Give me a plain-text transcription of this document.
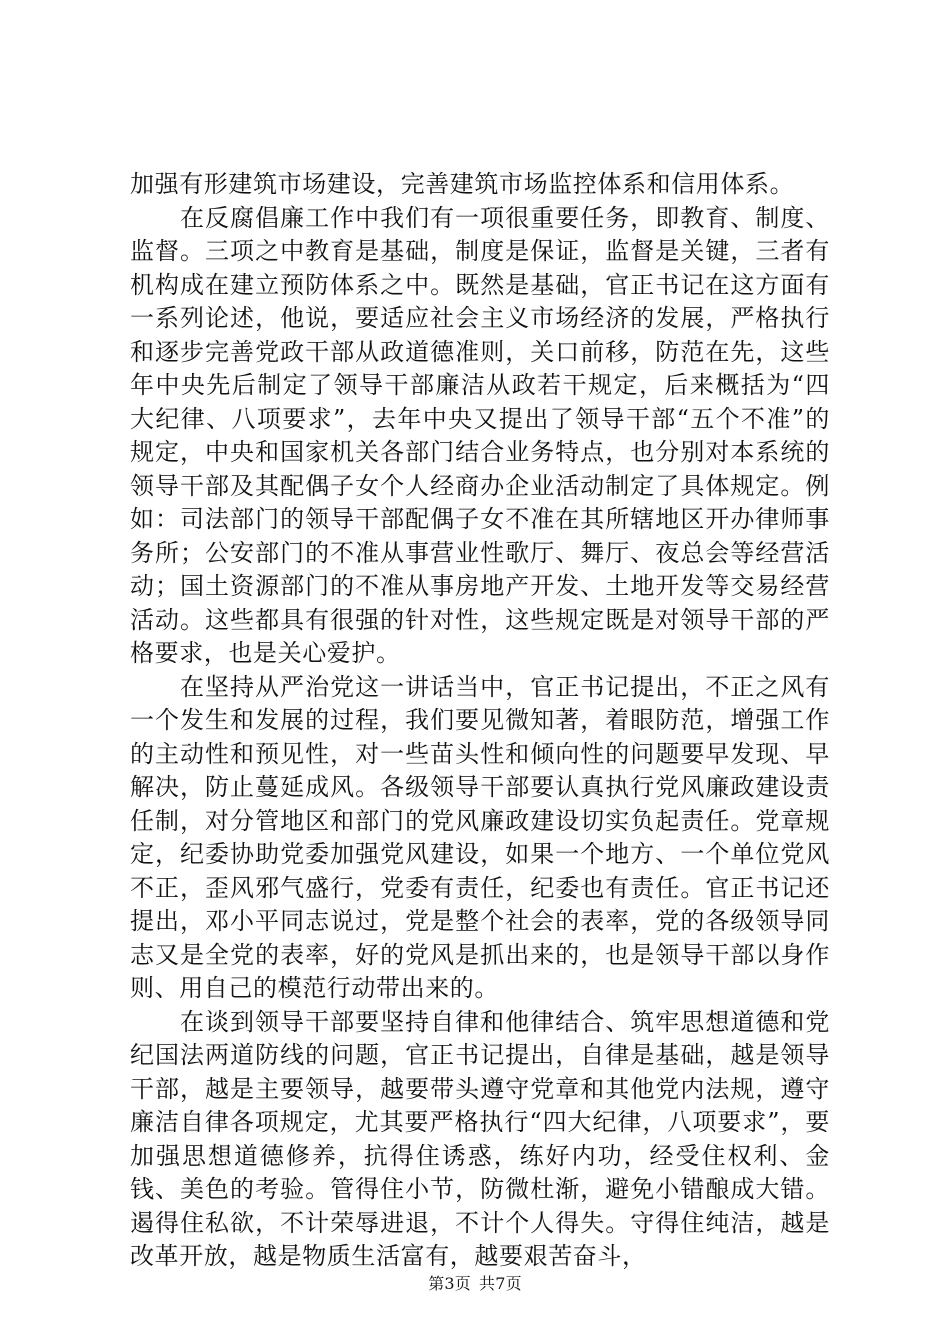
加强有形建筑市场建设，完善建筑市场监控体系和信用体系。

在反腐倡廉工作中我们有一项很重要任务，即教育、制度、监督。三项之中教育是基础，制度是保证，监督是关键，三者有机构成在建立预防体系之中。既然是基础，官正书记在这方面有一系列论述，他说，要适应社会主义市场经济的发展，严格执行和逐步完善党政干部从政道德准则，关口前移，防范在先，这些年中央先后制定了领导干部廉洁从政若干规定，后来概括为“四大纪律、八项要求”，去年中央又提出了领导干部“五个不准”的规定，中央和国家机关各部门结合业务特点，也分别对本系统的领导干部及其配偶子女个人经商办企业活动制定了具体规定。例如：司法部门的领导干部配偶子女不准在其所辖地区开办律师事务所；公安部门的不准从事营业性歌厅、舞厅、夜总会等经营活动；国土资源部门的不准从事房地产开发、土地开发等交易经营活动。这些都具有很强的针对性，这些规定既是对领导干部的严格要求，也是关心爱护。

在坚持从严治党这一讲话当中，官正书记提出，不正之风有一个发生和发展的过程，我们要见微知著，着眼防范，增强工作的主动性和预见性，对一些苗头性和倾向性的问题要早发现、早解决，防止蔓延成风。各级领导干部要认真执行党风廉政建设责任制，对分管地区和部门的党风廉政建设切实负起责任。党章规定，纪委协助党委加强党风建设，如果一个地方、一个单位党风不正，歪风邪气盛行，党委有责任，纪委也有责任。官正书记还提出，邓小平同志说过，党是整个社会的表率，党的各级领导同志又是全党的表率，好的党风是抓出来的，也是领导干部以身作则、用自己的模范行动带出来的。

在谈到领导干部要坚持自律和他律结合、筑牢思想道德和党纪国法两道防线的问题，官正书记提出，自律是基础，越是领导干部，越是主要领导，越要带头遵守党章和其他党内法规，遵守廉洁自律各项规定，尤其要严格执行“四大纪律，八项要求”，要加强思想道德修养，抗得住诱惑，练好内功，经受住权利、金钱、美色的考验。管得住小节，防微杜渐，避免小错酿成大错。遏得住私欲，不计荣辱进退，不计个人得失。守得住纯洁，越是改革开放，越是物质生活富有，越要艰苦奋斗，

第3页 共7页
